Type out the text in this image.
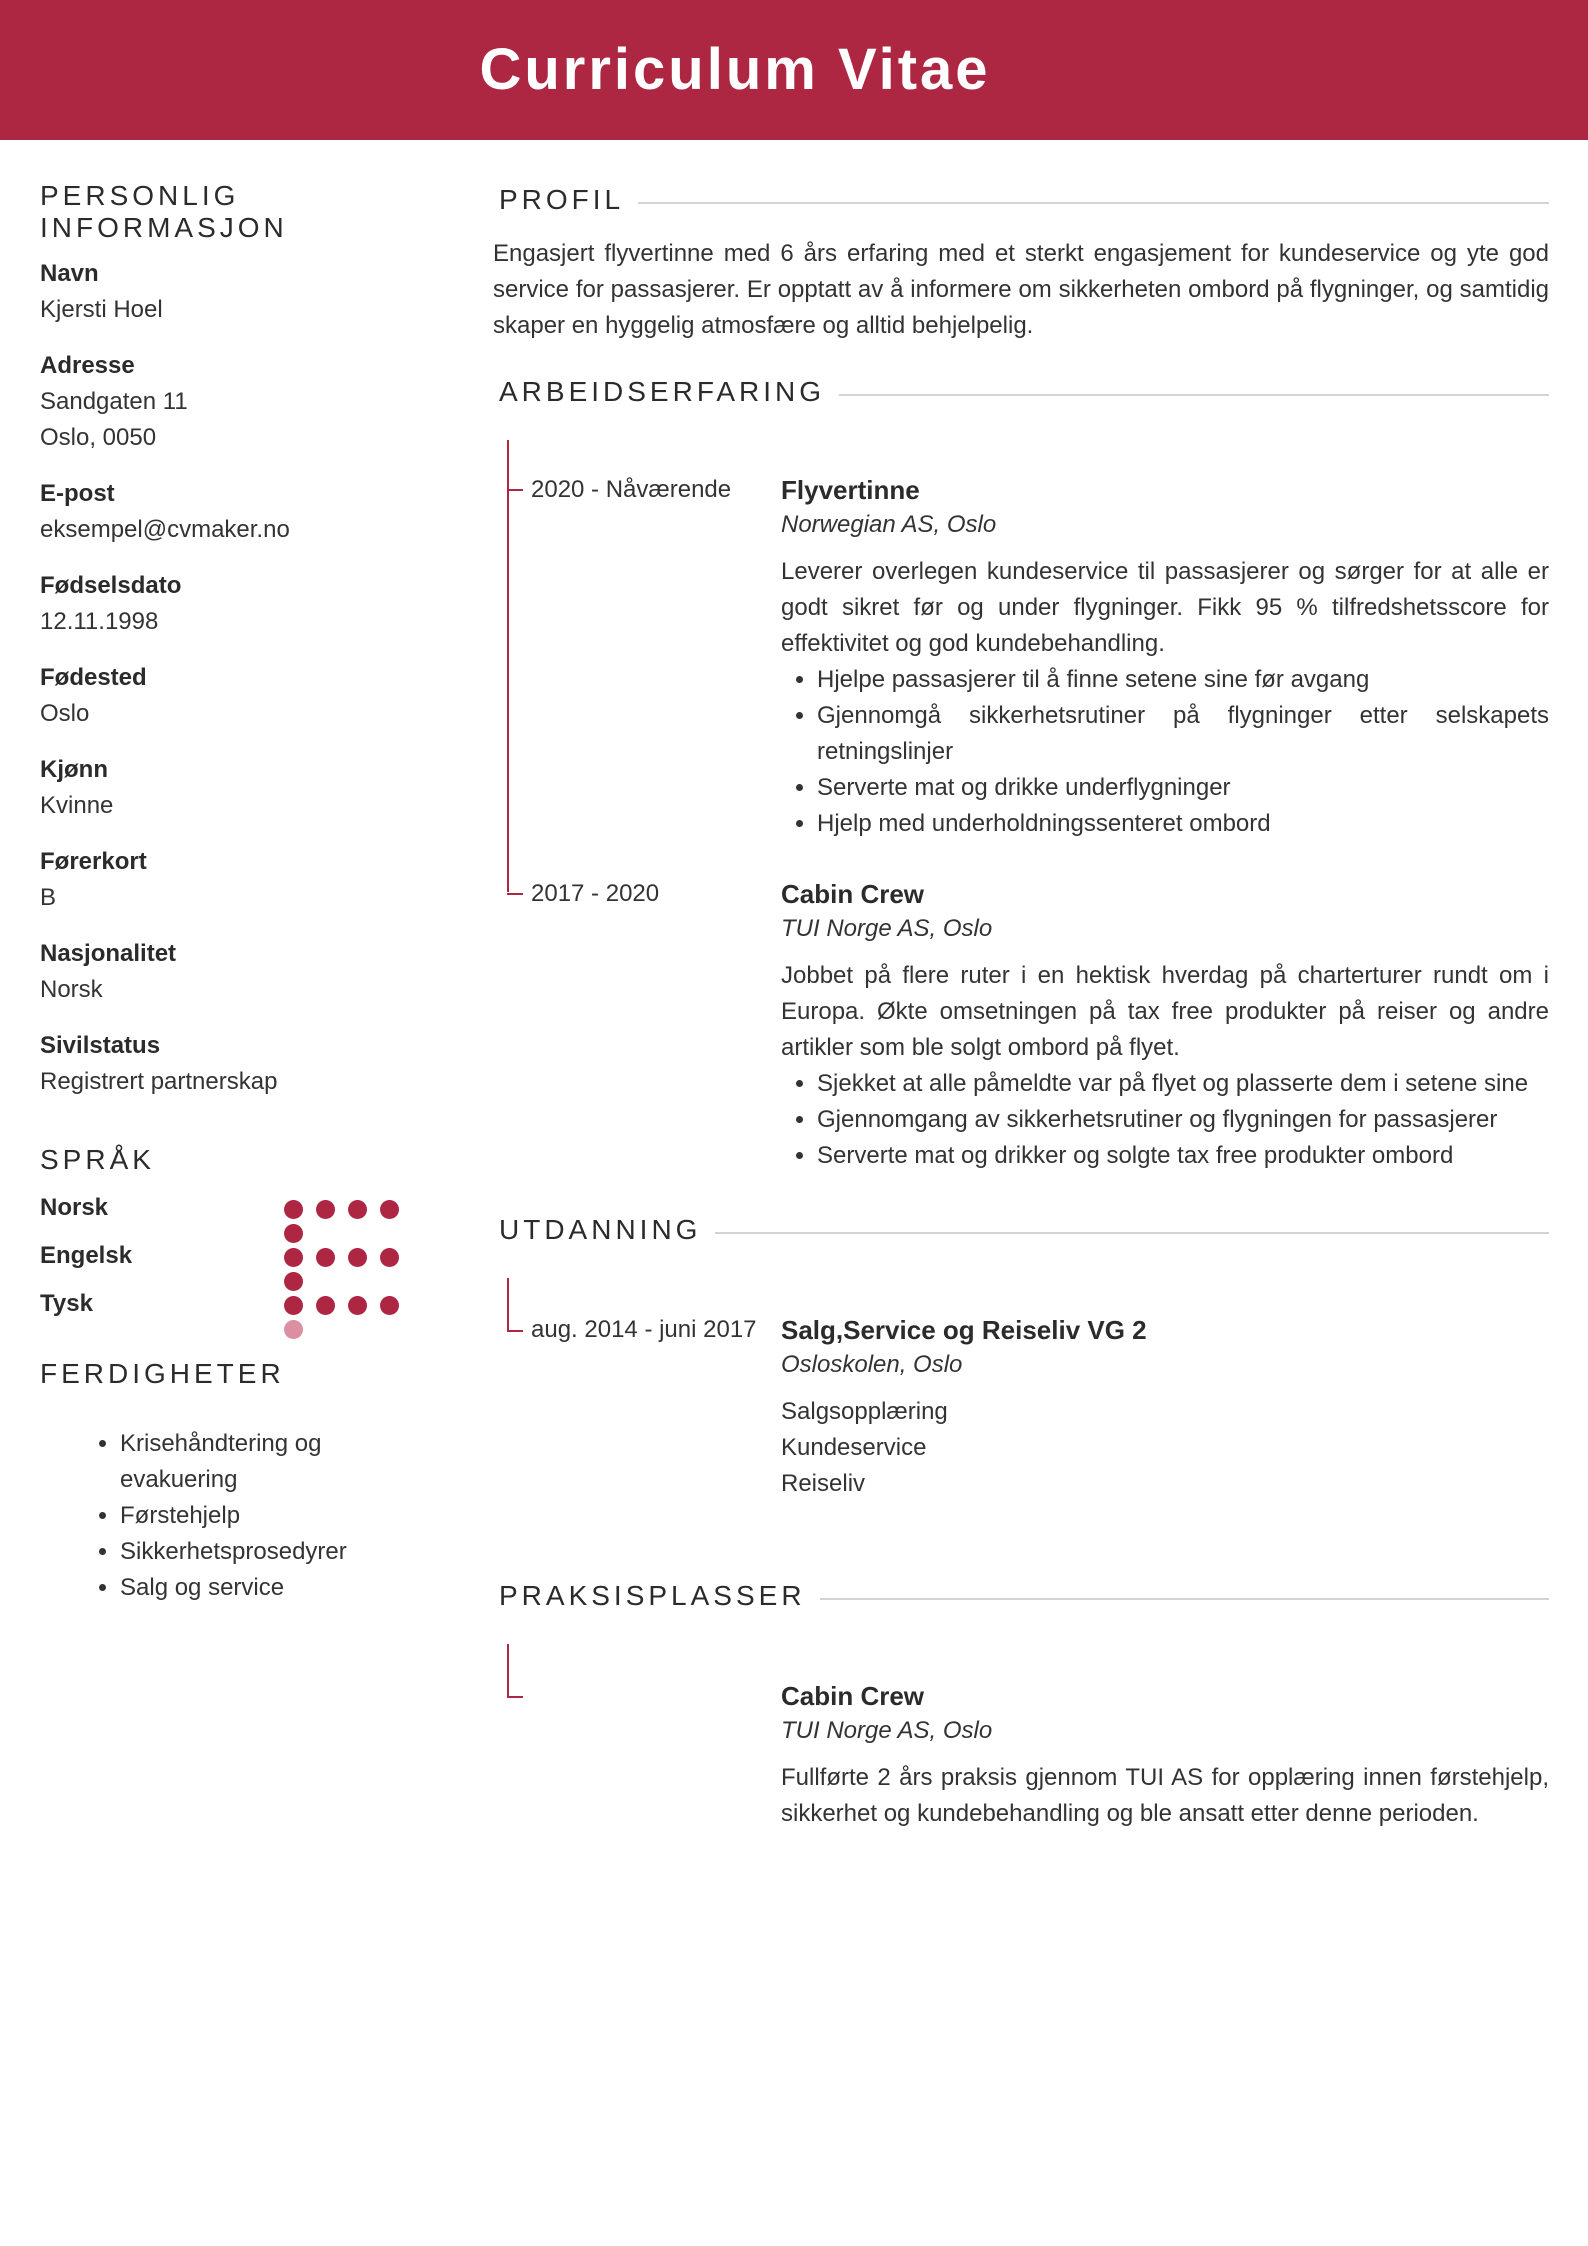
Curriculum Vitae
PERSONLIG INFORMASJON
Navn
Kjersti Hoel
Adresse
Sandgaten 11
Oslo, 0050
E-post
eksempel@cvmaker.no
Fødselsdato
12.11.1998
Fødested
Oslo
Kjønn
Kvinne
Førerkort
B
Nasjonalitet
Norsk
Sivilstatus
Registrert partnerskap
SPRÅK
Norsk
Engelsk
Tysk
FERDIGHETER
• Krisehåndtering og evakuering
• Førstehjelp
• Sikkerhetsprosedyrer
• Salg og service
PROFIL
Engasjert flyvertinne med 6 års erfaring med et sterkt engasjement for kundeservice og yte god service for passasjerer. Er opptatt av å informere om sikkerheten ombord på flygninger, og samtidig skaper en hyggelig atmosfære og alltid behjelpelig.
ARBEIDSERFARING
2020 - Nåværende Flyvertinne
Norwegian AS, Oslo
Leverer overlegen kundeservice til passasjerer og sørger for at alle er godt sikret før og under flygninger. Fikk 95 % tilfredshetsscore for effektivitet og god kundebehandling.
• Hjelpe passasjerer til å finne setene sine før avgang
• Gjennomgå sikkerhetsrutiner på flygninger etter selskapets retningslinjer
• Serverte mat og drikke underflygninger
• Hjelp med underholdningssenteret ombord
2017 - 2020	Cabin Crew
TUI Norge AS, Oslo
Jobbet på flere ruter i en hektisk hverdag på charterturer rundt om i Europa. Økte omsetningen på tax free produkter på reiser og andre artikler som ble solgt ombord på flyet.
• Sjekket at alle påmeldte var på flyet og plasserte dem i setene sine
• Gjennomgang av sikkerhetsrutiner og flygningen for passasjerer
• Serverte mat og drikker og solgte tax free produkter ombord
UTDANNING
aug. 2014 - juni 2017 Salg,Service og Reiseliv VG 2
Osloskolen, Oslo
Salgsopplæring
Kundeservice
Reiseliv
PRAKSISPLASSER
Cabin Crew
TUI Norge AS, Oslo
Fullførte 2 års praksis gjennom TUI AS for opplæring innen førstehjelp, sikkerhet og kundebehandling og ble ansatt etter denne perioden.
